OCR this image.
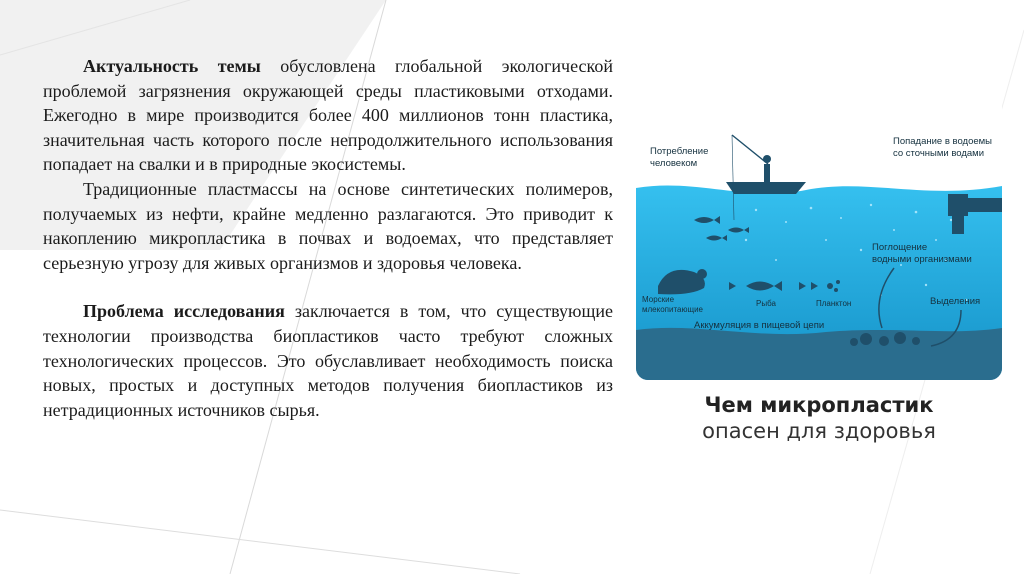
Актуальность темы обусловлена глобальной экологической проблемой загрязнения окружающей среды пластиковыми отходами. Ежегодно в мире производится более 400 миллионов тонн пластика, значительная часть которого после непродолжительного использования попадает на свалки и в природные экосистемы.

Традиционные пластмассы на основе синтетических полимеров, получаемых из нефти, крайне медленно разлагаются. Это приводит к накоплению микропластика в почвах и водоемах, что представляет серьезную угрозу для живых организмов и здоровья человека.

Проблема исследования заключается в том, что существующие технологии производства биопластиков часто требуют сложных технологических процессов. Это обуславливает необходимость поиска новых, простых и доступных методов получения биопластиков из нетрадиционных источников сырья.

Потребление
человеком
Попадание в водоемы
со сточными водами
Поглощение
водными организмами
Морские
млекопитающие
Рыба	Планктон	Выделения
Аккумуляция в пищевой цепи
Чем микропластик
опасен для здоровья
